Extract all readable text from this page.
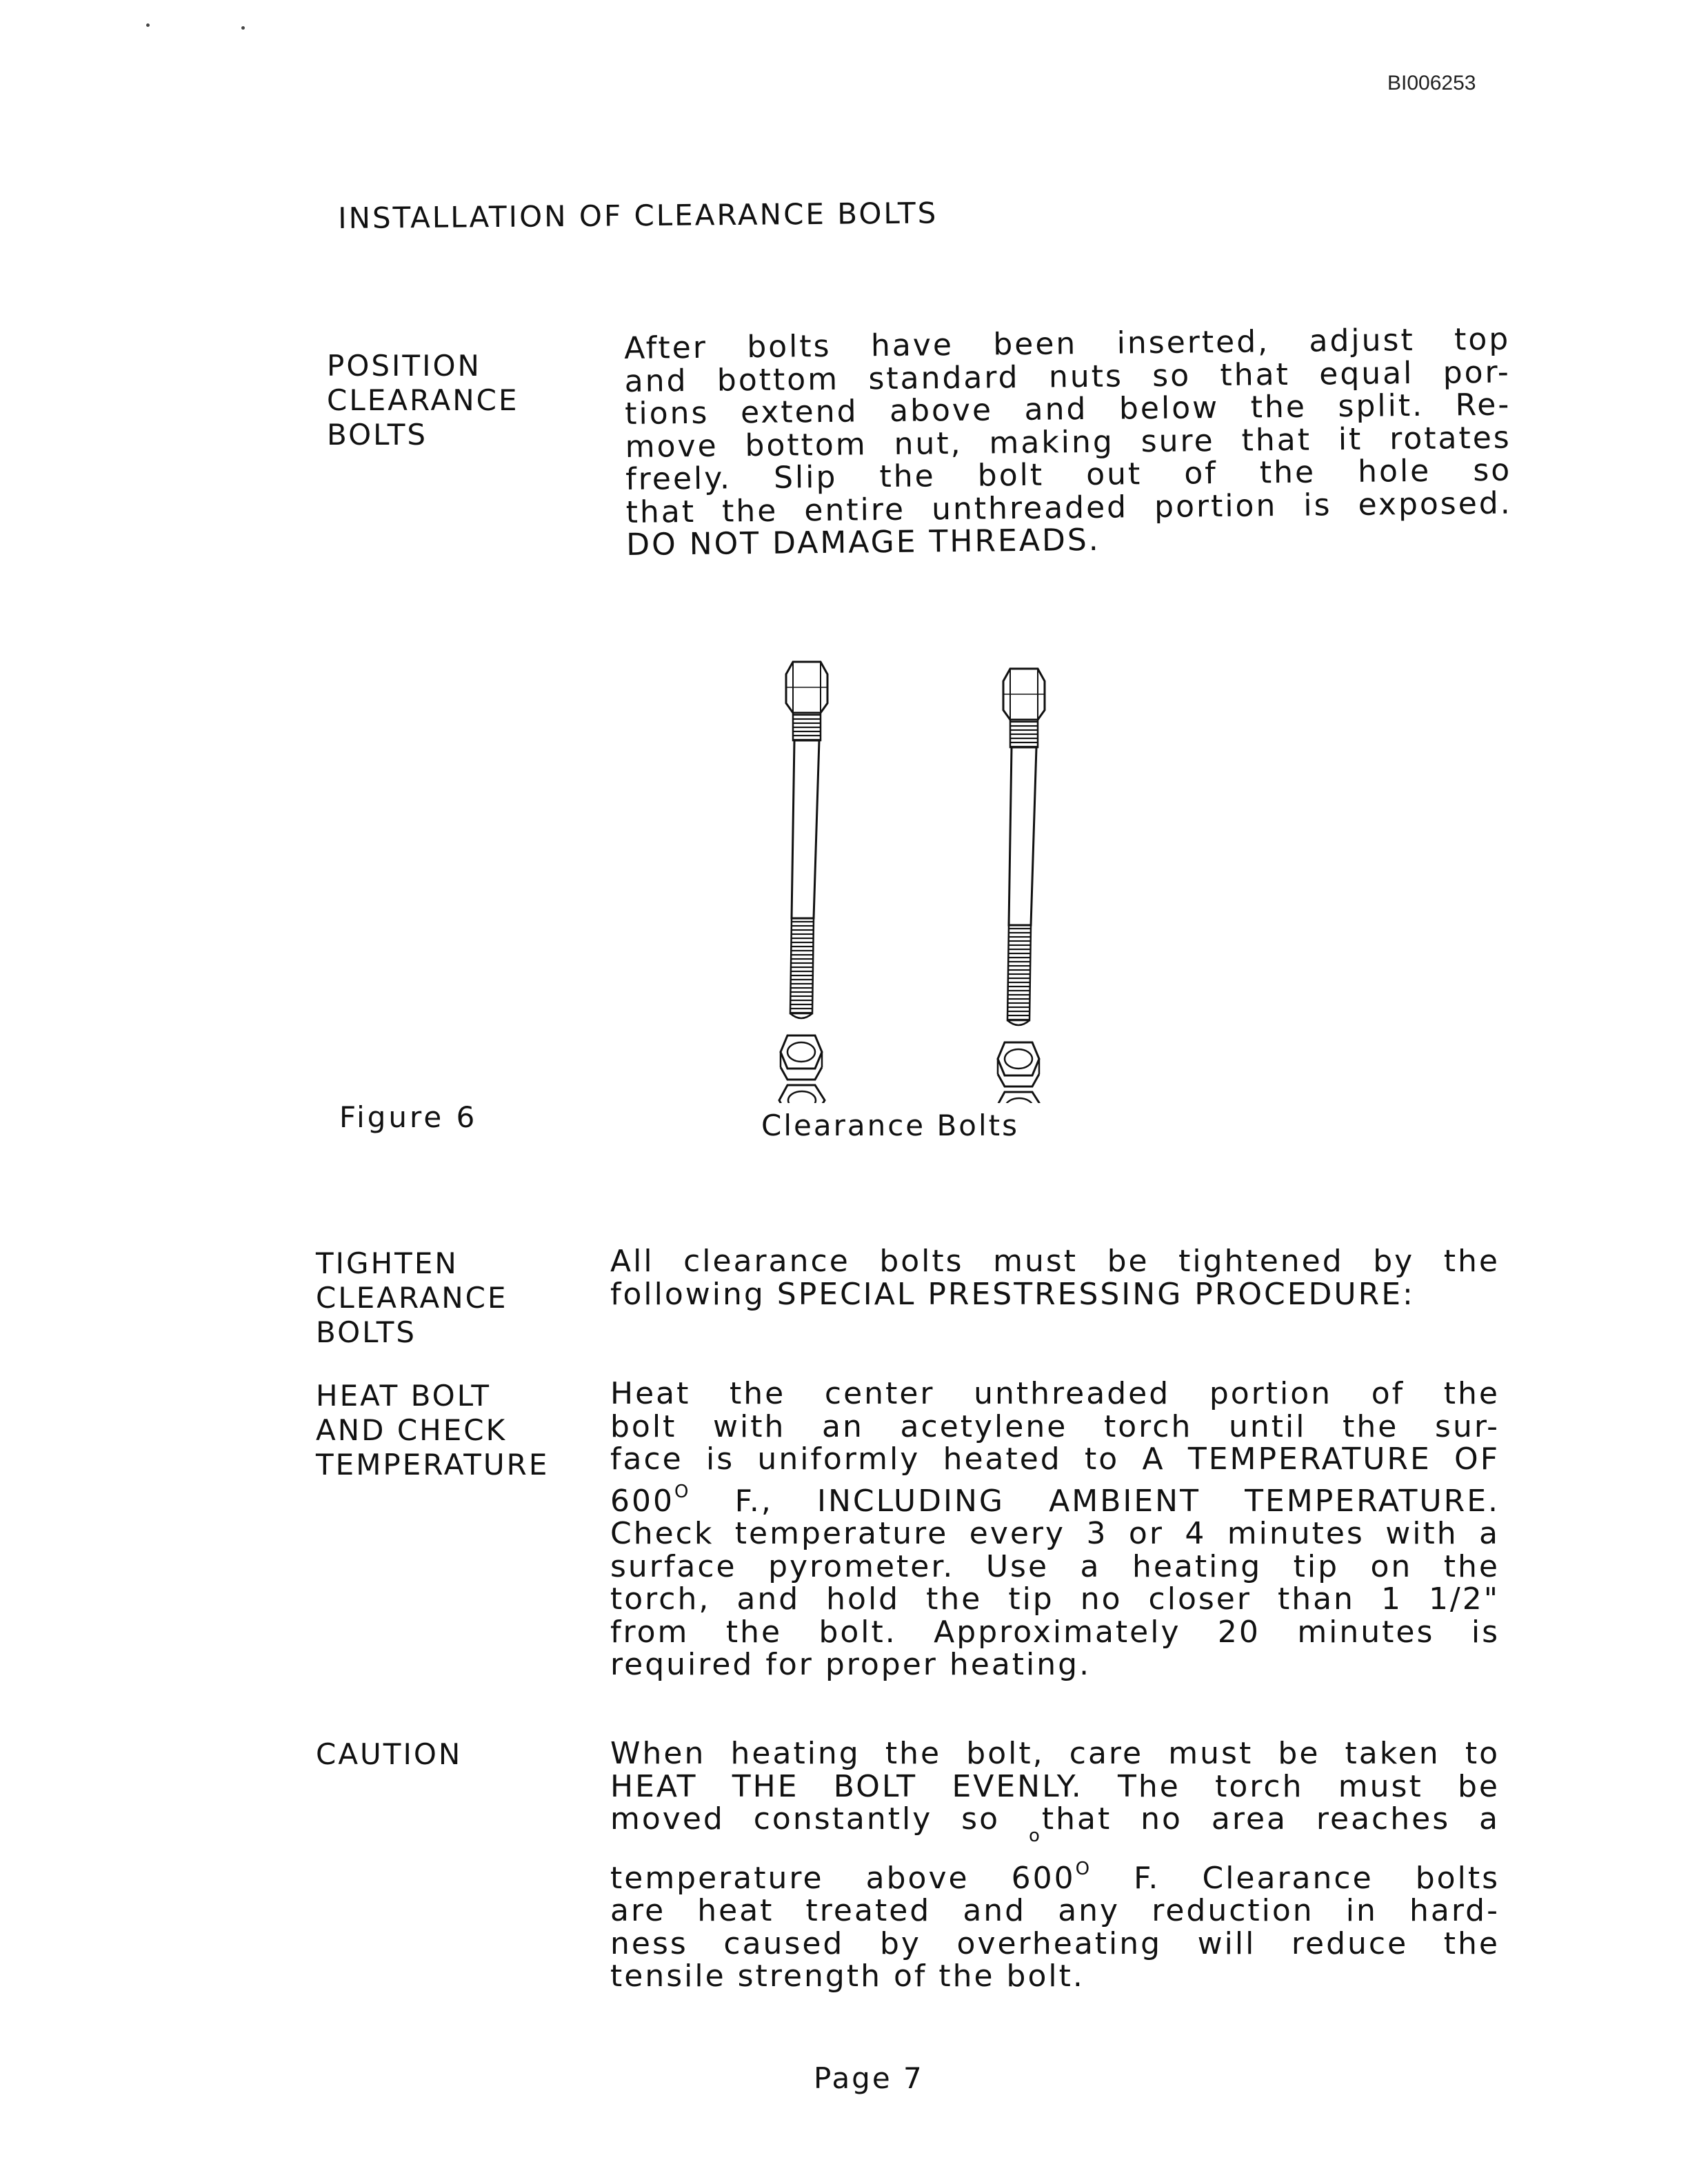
BI006253
INSTALLATION OF CLEARANCE BOLTS
POSITION
CLEARANCE
BOLTS
After bolts have been inserted, adjust top
and bottom standard nuts so that equal por-
tions extend above and below the split. Re-
move bottom nut, making sure that it rotates
freely. Slip the bolt out of the hole so
that the entire unthreaded portion is exposed.
DO NOT DAMAGE THREADS.
Figure 6	Clearance Bolts
TIGHTEN
CLEARANCE
BOLTS
All clearance bolts must be tightened by the
following SPECIAL PRESTRESSING PROCEDURE:
HEAT BOLT
AND CHECK
TEMPERATURE
Heat the center unthreaded portion of the
bolt with an acetylene torch until the sur-
face is uniformly heated to A TEMPERATURE OF
$600^O$ F., INCLUDING AMBIENT TEMPERATURE.
Check temperature every 3 or 4 minutes with a
surface pyrometer. Use a heating tip on the
torch, and hold the tip no closer than 1 1/2"
from the bolt. Approximately 20 minutes is
required for proper heating.
CAUTION	When heating the bolt, care must be taken to
HEAT THE BOLT EVENLY. The torch must be
moved constantly so $_o$that no area reaches a
temperature above $600^O$ F. Clearance bolts
are heat treated and any reduction in hard-
ness caused by overheating will reduce the
tensile strength of the bolt.
Page 7
